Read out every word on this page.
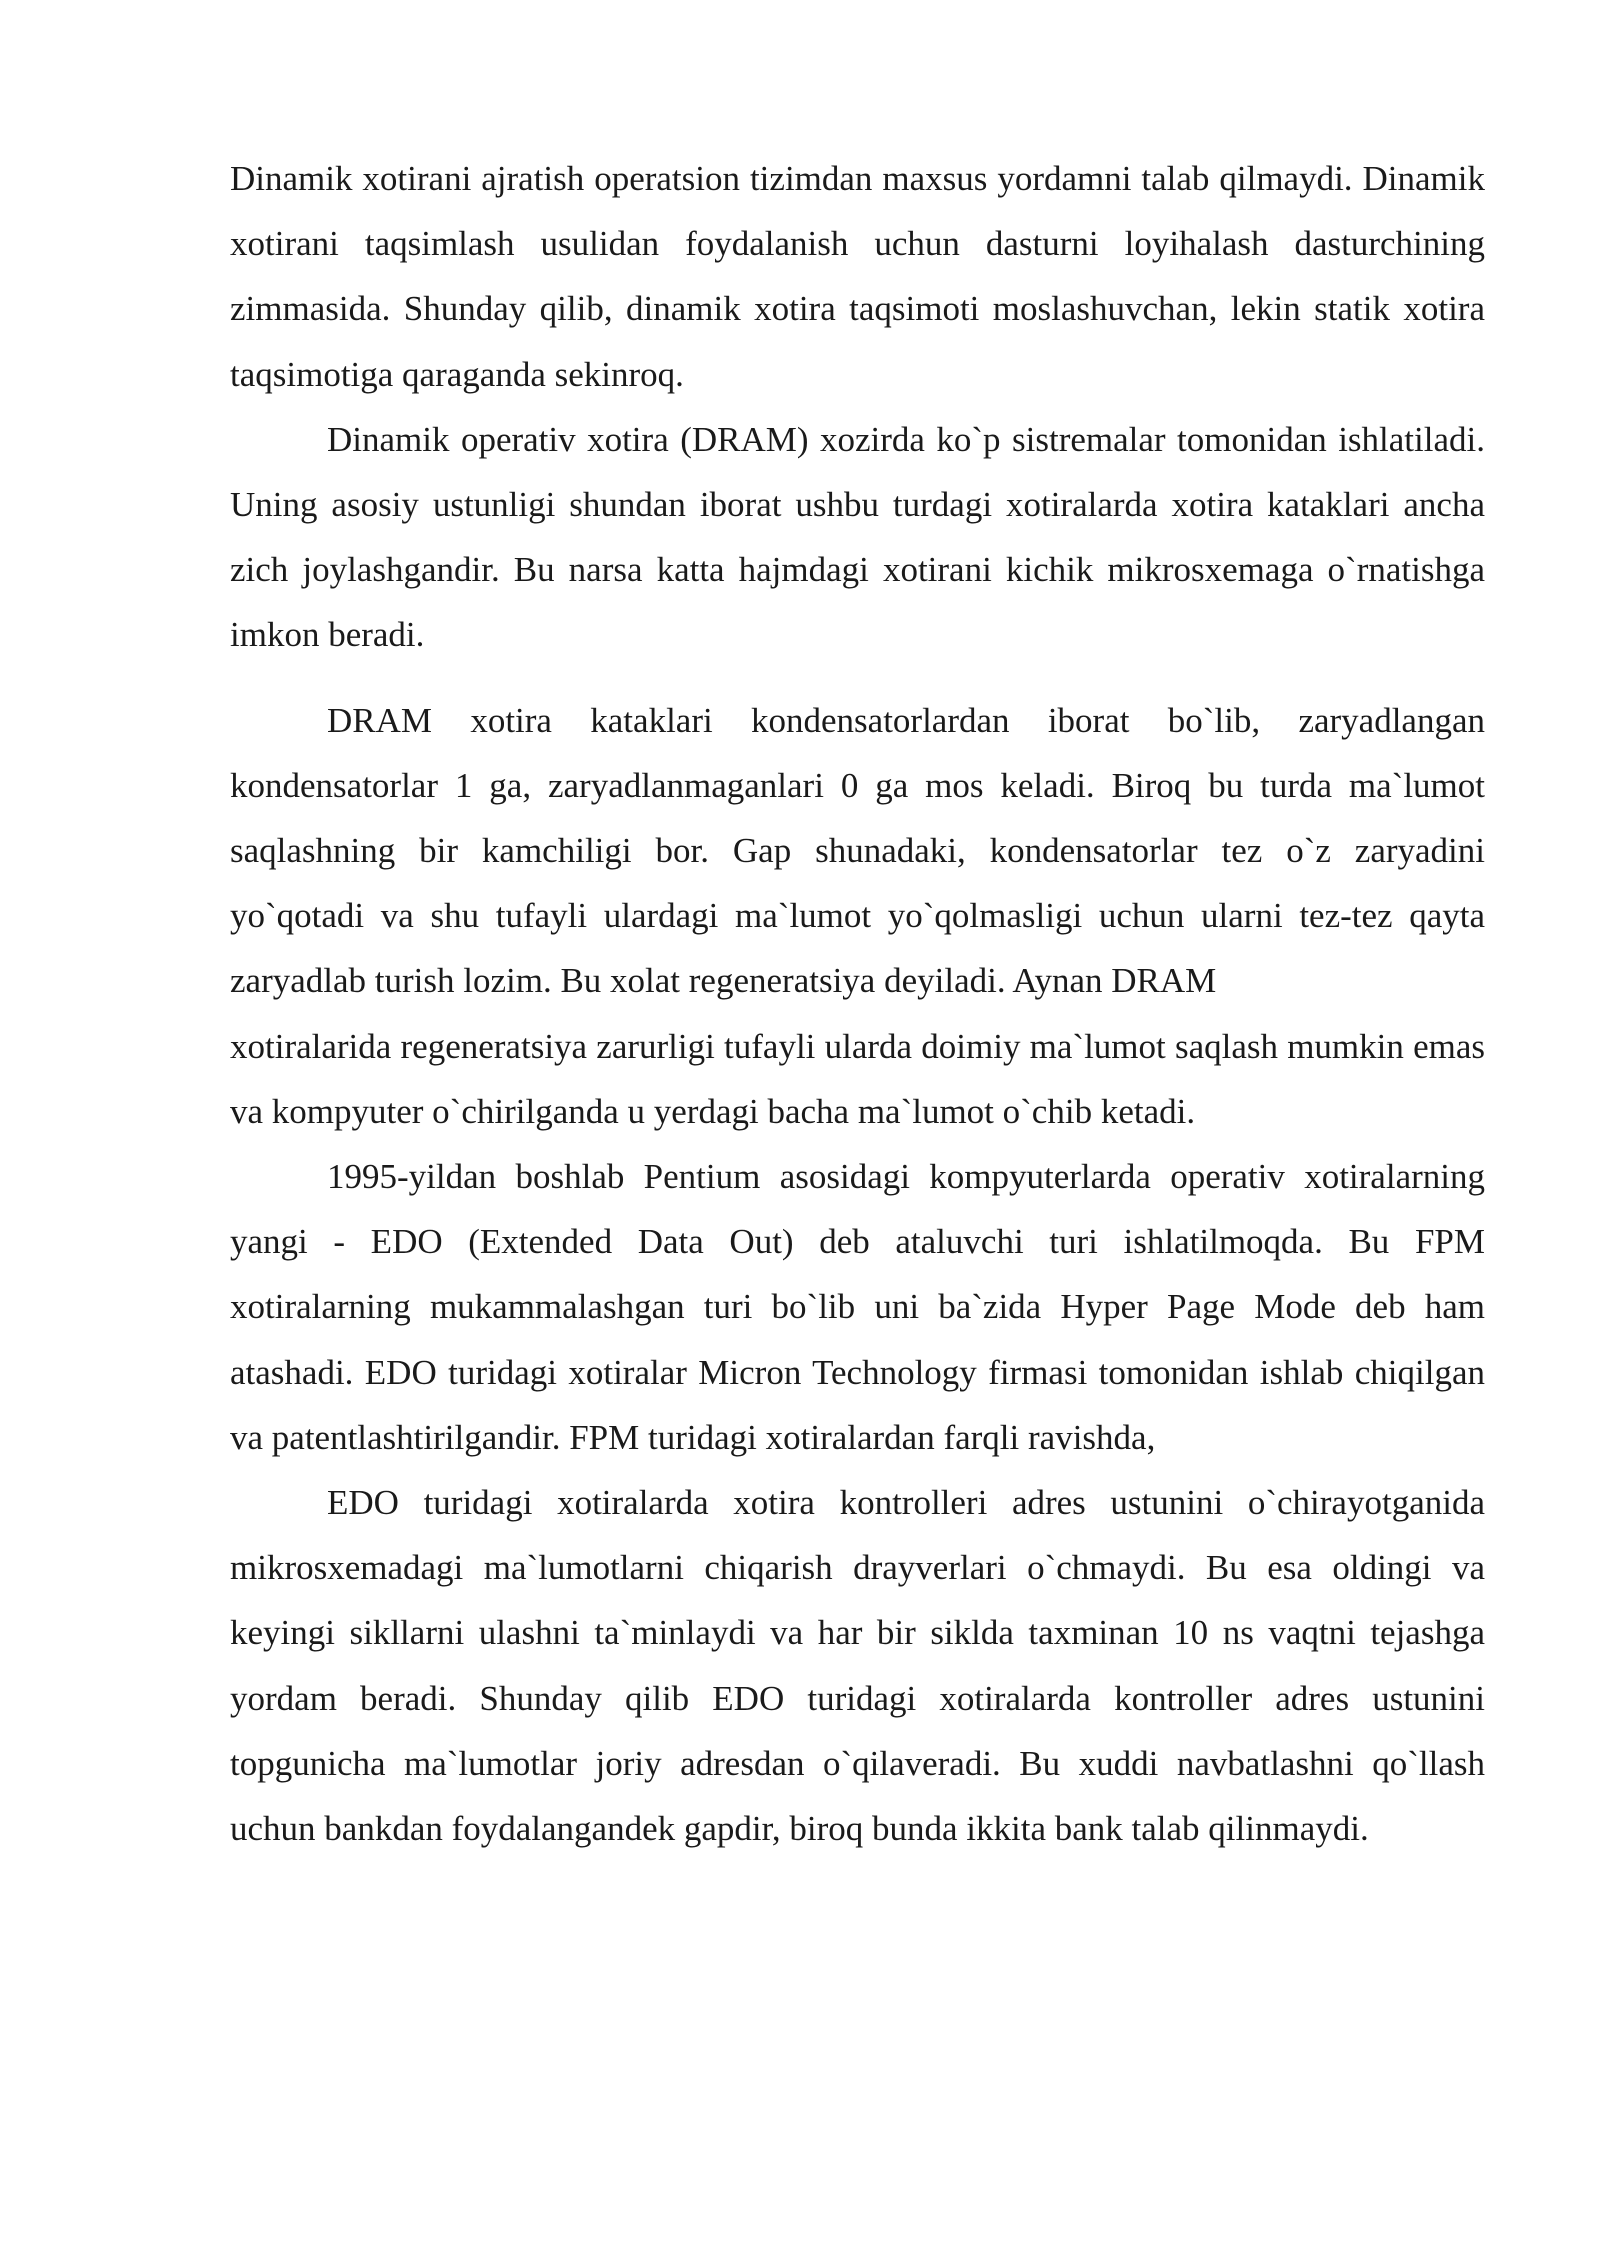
Dinamik xotirani ajratish operatsion tizimdan maxsus yordamni talab qilmaydi. Dinamik xotirani taqsimlash usulidan foydalanish uchun dasturni loyihalash dasturchining zimmasida. Shunday qilib, dinamik xotira taqsimoti moslashuvchan, lekin statik xotira taqsimotiga qaraganda sekinroq.

Dinamik operativ xotira (DRAM) xozirda ko`p sistremalar tomonidan ishlatiladi. Uning asosiy ustunligi shundan iborat ushbu turdagi xotiralarda xotira kataklari ancha zich joylashgandir. Bu narsa katta hajmdagi xotirani kichik mikrosxemaga o`rnatishga imkon beradi.

DRAM xotira kataklari kondensatorlardan iborat bo`lib, zaryadlangan kondensatorlar 1 ga, zaryadlanmaganlari 0 ga mos keladi. Biroq bu turda ma`lumot saqlashning bir kamchiligi bor. Gap shunadaki, kondensatorlar tez o`z zaryadini yo`qotadi va shu tufayli ulardagi ma`lumot yo`qolmasligi uchun ularni tez-tez qayta zaryadlab turish lozim. Bu xolat regeneratsiya deyiladi. Aynan DRAM

xotiralarida regeneratsiya zarurligi tufayli ularda doimiy ma`lumot saqlash mumkin emas va kompyuter o`chirilganda u yerdagi bacha ma`lumot o`chib ketadi.

1995-yildan boshlab Pentium asosidagi kompyuterlarda operativ xotiralarning yangi - EDO (Extended Data Out) deb ataluvchi turi ishlatilmoqda. Bu FPM xotiralarning mukammalashgan turi bo`lib uni ba`zida Hyper Page Mode deb ham atashadi. EDO turidagi xotiralar Micron Technology firmasi tomonidan ishlab chiqilgan va patentlashtirilgandir. FPM turidagi xotiralardan farqli ravishda,

EDO turidagi xotiralarda xotira kontrolleri adres ustunini o`chirayotganida mikrosxemadagi ma`lumotlarni chiqarish drayverlari o`chmaydi. Bu esa oldingi va keyingi sikllarni ulashni ta`minlaydi va har bir siklda taxminan 10 ns vaqtni tejashga yordam beradi. Shunday qilib EDO turidagi xotiralarda kontroller adres ustunini topgunicha ma`lumotlar joriy adresdan o`qilaveradi. Bu xuddi navbatlashni qo`llash uchun bankdan foydalangandek gapdir, biroq bunda ikkita bank talab qilinmaydi.
